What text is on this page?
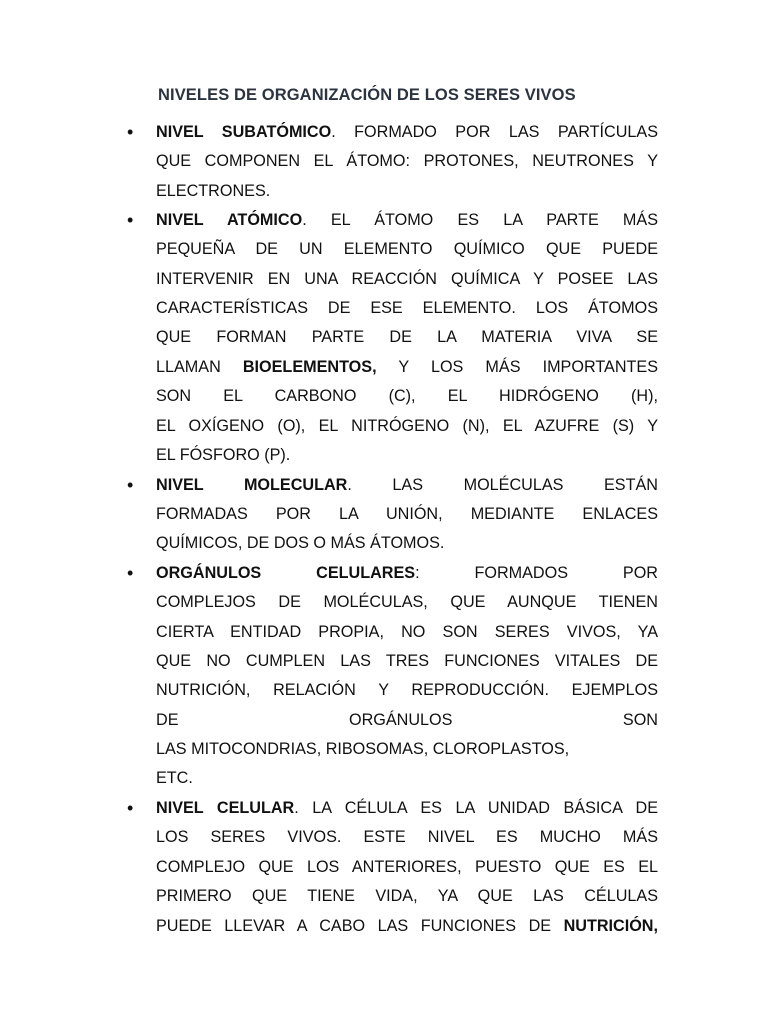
NIVELES DE ORGANIZACIÓN DE LOS SERES VIVOS
• NIVEL SUBATÓMICO. FORMADO POR LAS PARTÍCULAS
QUE COMPONEN EL ÁTOMO: PROTONES, NEUTRONES Y
ELECTRONES.
• NIVEL ATÓMICO. EL ÁTOMO ES LA PARTE MÁS
PEQUEÑA DE UN ELEMENTO QUÍMICO QUE PUEDE
INTERVENIR EN UNA REACCIÓN QUÍMICA Y POSEE LAS
CARACTERÍSTICAS DE ESE ELEMENTO. LOS ÁTOMOS
QUE FORMAN PARTE DE LA MATERIA VIVA SE
LLAMAN BIOELEMENTOS, Y LOS MÁS IMPORTANTES
SON EL CARBONO (C), EL HIDRÓGENO (H),
EL OXÍGENO (O), EL NITRÓGENO (N), EL AZUFRE (S) Y
EL FÓSFORO (P).
• NIVEL MOLECULAR. LAS MOLÉCULAS ESTÁN
FORMADAS POR LA UNIÓN, MEDIANTE ENLACES
QUÍMICOS, DE DOS O MÁS ÁTOMOS.
• ORGÁNULOS CELULARES: FORMADOS POR
COMPLEJOS DE MOLÉCULAS, QUE AUNQUE TIENEN
CIERTA ENTIDAD PROPIA, NO SON SERES VIVOS, YA
QUE NO CUMPLEN LAS TRES FUNCIONES VITALES DE
NUTRICIÓN, RELACIÓN Y REPRODUCCIÓN. EJEMPLOS
DE ORGÁNULOS SON
LAS MITOCONDRIAS, RIBOSOMAS, CLOROPLASTOS,
ETC.
• NIVEL CELULAR. LA CÉLULA ES LA UNIDAD BÁSICA DE
LOS SERES VIVOS. ESTE NIVEL ES MUCHO MÁS
COMPLEJO QUE LOS ANTERIORES, PUESTO QUE ES EL
PRIMERO QUE TIENE VIDA, YA QUE LAS CÉLULAS
PUEDE LLEVAR A CABO LAS FUNCIONES DE NUTRICIÓN,
